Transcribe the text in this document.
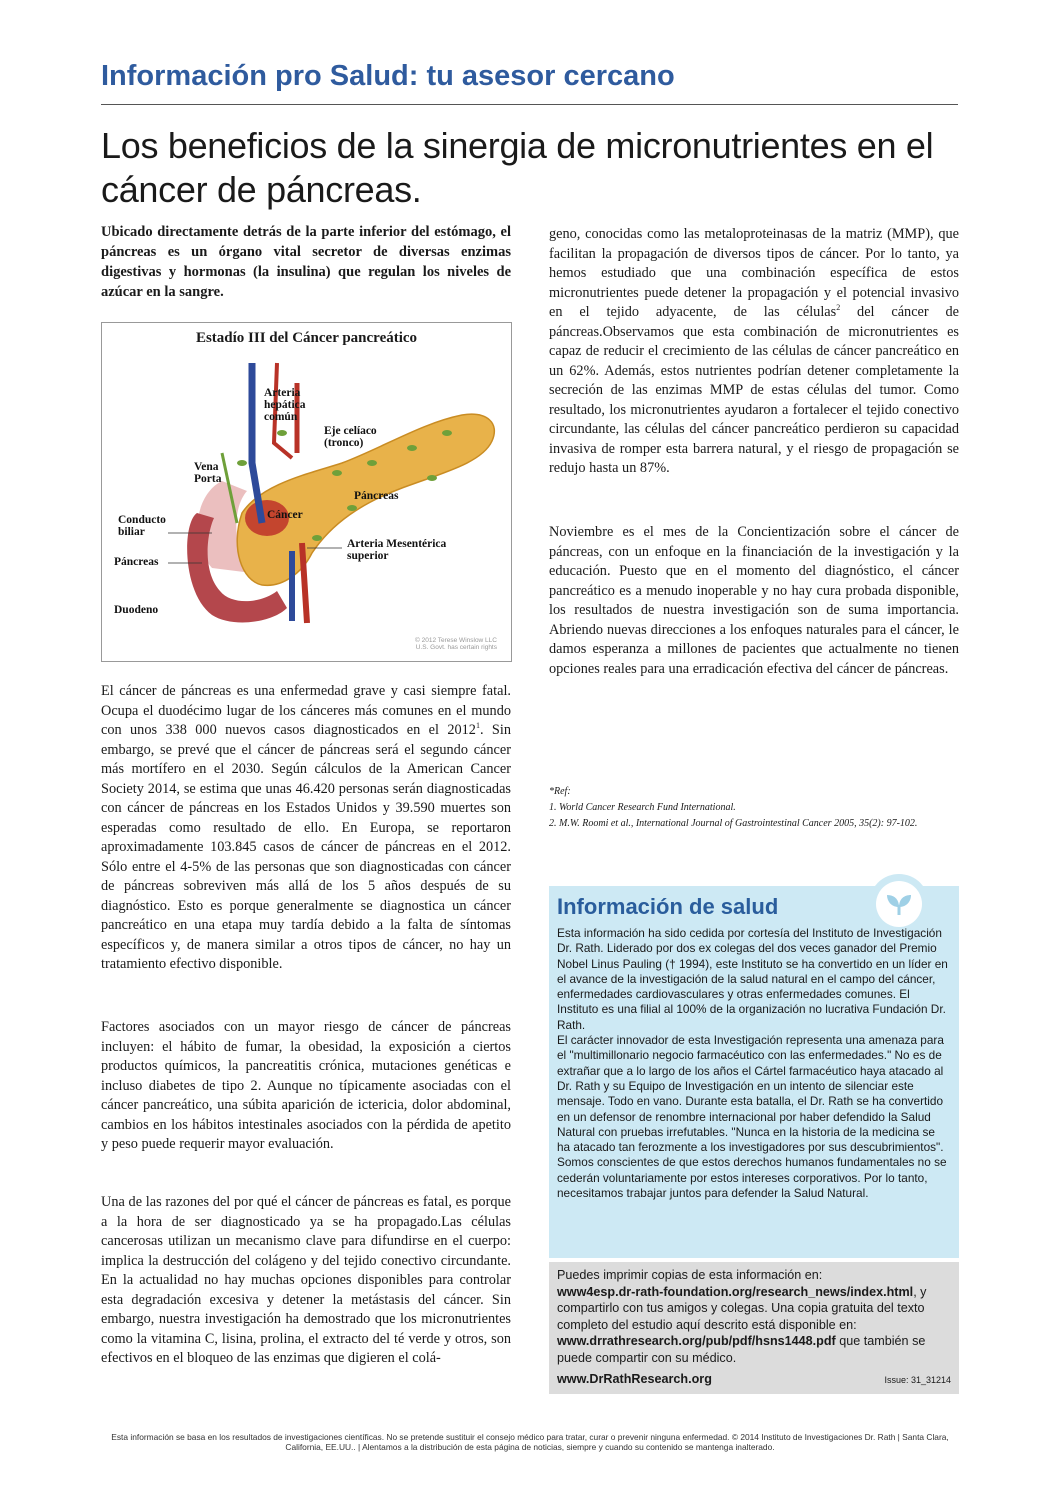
Información pro Salud: tu asesor cercano
Los beneficios de la sinergia de micronutrientes en el cáncer de páncreas.
Ubicado directamente detrás de la parte inferior del estómago, el páncreas es un órgano vital secretor de diversas enzimas digestivas y hormonas (la insulina) que regulan los niveles de azúcar en la sangre.
Estadío III del Cáncer pancreático
Arteria
hepática
común
Eje celíaco
(tronco)
Vena
Porta
Páncreas
Cáncer
Conducto
biliar
Arteria Mesentérica
superior
Páncreas
Duodeno
© 2012 Terese Winslow LLC
U.S. Govt. has certain rights
El cáncer de páncreas es una enfermedad grave y casi siempre fatal. Ocupa el duodécimo lugar de los cánceres más comunes en el mundo con unos 338 000 nuevos casos diagnosticados en el 2012$^1$. Sin embargo, se prevé que el cáncer de páncreas será el segundo cáncer más mortífero en el 2030. Según cálculos de la American Cancer Society 2014, se estima que unas 46.420 personas serán diagnosticadas con cáncer de páncreas en los Estados Unidos y 39.590 muertes son esperadas como resultado de ello. En Europa, se reportaron aproximadamente 103.845 casos de cáncer de páncreas en el 2012. Sólo entre el 4-5% de las personas que son diagnosticadas con cáncer de páncreas sobreviven más allá de los 5 años después de su diagnóstico. Esto es porque generalmente se diagnostica un cáncer pancreático en una etapa muy tardía debido a la falta de síntomas específicos y, de manera similar a otros tipos de cáncer, no hay un tratamiento efectivo disponible.
Factores asociados con un mayor riesgo de cáncer de páncreas incluyen: el hábito de fumar, la obesidad, la exposición a ciertos productos químicos, la pancreatitis crónica, mutaciones genéticas e incluso diabetes de tipo 2. Aunque no típicamente asociadas con el cáncer pancreático, una súbita aparición de ictericia, dolor abdominal, cambios en los hábitos intestinales asociados con la pérdida de apetito y peso puede requerir mayor evaluación.
Una de las razones del por qué el cáncer de páncreas es fatal, es porque a la hora de ser diagnosticado ya se ha propagado.Las células cancerosas utilizan un mecanismo clave para difundirse en el cuerpo: implica la destrucción del colágeno y del tejido conectivo circundante. En la actualidad no hay muchas opciones disponibles para controlar esta degradación excesiva y detener la metástasis del cáncer. Sin embargo, nuestra investigación ha demostrado que los micronutrientes como la vitamina C, lisina, prolina, el extracto del té verde y otros, son efectivos en el bloqueo de las enzimas que digieren el colá-
geno, conocidas como las metaloproteinasas de la matriz (MMP), que facilitan la propagación de diversos tipos de cáncer. Por lo tanto, ya hemos estudiado que una combinación específica de estos micronutrientes puede detener la propagación y el potencial invasivo en el tejido adyacente, de las células$^2$ del cáncer de páncreas.Observamos que esta combinación de micronutrientes es capaz de reducir el crecimiento de las células de cáncer pancreático en un 62%. Además, estos nutrientes podrían detener completamente la secreción de las enzimas MMP de estas células del tumor. Como resultado, los micronutrientes ayudaron a fortalecer el tejido conectivo circundante, las células del cáncer pancreático perdieron su capacidad invasiva de romper esta barrera natural, y el riesgo de propagación se redujo hasta un 87%.
Noviembre es el mes de la Concientización sobre el cáncer de páncreas, con un enfoque en la financiación de la investigación y la educación. Puesto que en el momento del diagnóstico, el cáncer pancreático es a menudo inoperable y no hay cura probada disponible, los resultados de nuestra investigación son de suma importancia. Abriendo nuevas direcciones a los enfoques naturales para el cáncer, le damos esperanza a millones de pacientes que actualmente no tienen opciones reales para una erradicación efectiva del cáncer de páncreas.
*Ref:
1. World Cancer Research Fund International.
2. M.W. Roomi et al., International Journal of Gastrointestinal Cancer 2005, 35(2): 97-102.
Información de salud
Esta información ha sido cedida por cortesía del Instituto de Investigación Dr. Rath. Liderado por dos ex colegas del dos veces ganador del Premio Nobel Linus Pauling († 1994), este Instituto se ha convertido en un líder en el avance de la investigación de la salud natural en el campo del cáncer, enfermedades cardiovasculares y otras enfermedades comunes. El Instituto es una filial al 100% de la organización no lucrativa Fundación Dr. Rath.
El carácter innovador de esta Investigación representa una amenaza para el "multimillonario negocio farmacéutico con las enfermedades." No es de extrañar que a lo largo de los años el Cártel farmacéutico haya atacado al Dr. Rath y su Equipo de Investigación en un intento de silenciar este mensaje. Todo en vano. Durante esta batalla, el Dr. Rath se ha convertido en un defensor de renombre internacional por haber defendido la Salud Natural con pruebas irrefutables. "Nunca en la historia de la medicina se ha atacado tan ferozmente a los investigadores por sus descubrimientos". Somos conscientes de que estos derechos humanos fundamentales no se cederán voluntariamente por estos intereses corporativos. Por lo tanto, necesitamos trabajar juntos para defender la Salud Natural.
Puedes imprimir copias de esta información en:
www4esp.dr-rath-foundation.org/research_news/index.html, y compartirlo con tus amigos y colegas. Una copia gratuita del texto completo del estudio aquí descrito está disponible en:
www.drrathresearch.org/pub/pdf/hsns1448.pdf que también se puede compartir con su médico.
www.DrRathResearch.org	Issue: 31_31214
Esta información se basa en los resultados de investigaciones científicas. No se pretende sustituir el consejo médico para tratar, curar o prevenir ninguna enfermedad. © 2014 Instituto de Investigaciones Dr. Rath | Santa Clara, California, EE.UU.. | Alentamos a la distribución de esta página de noticias, siempre y cuando su contenido se mantenga inalterado.
